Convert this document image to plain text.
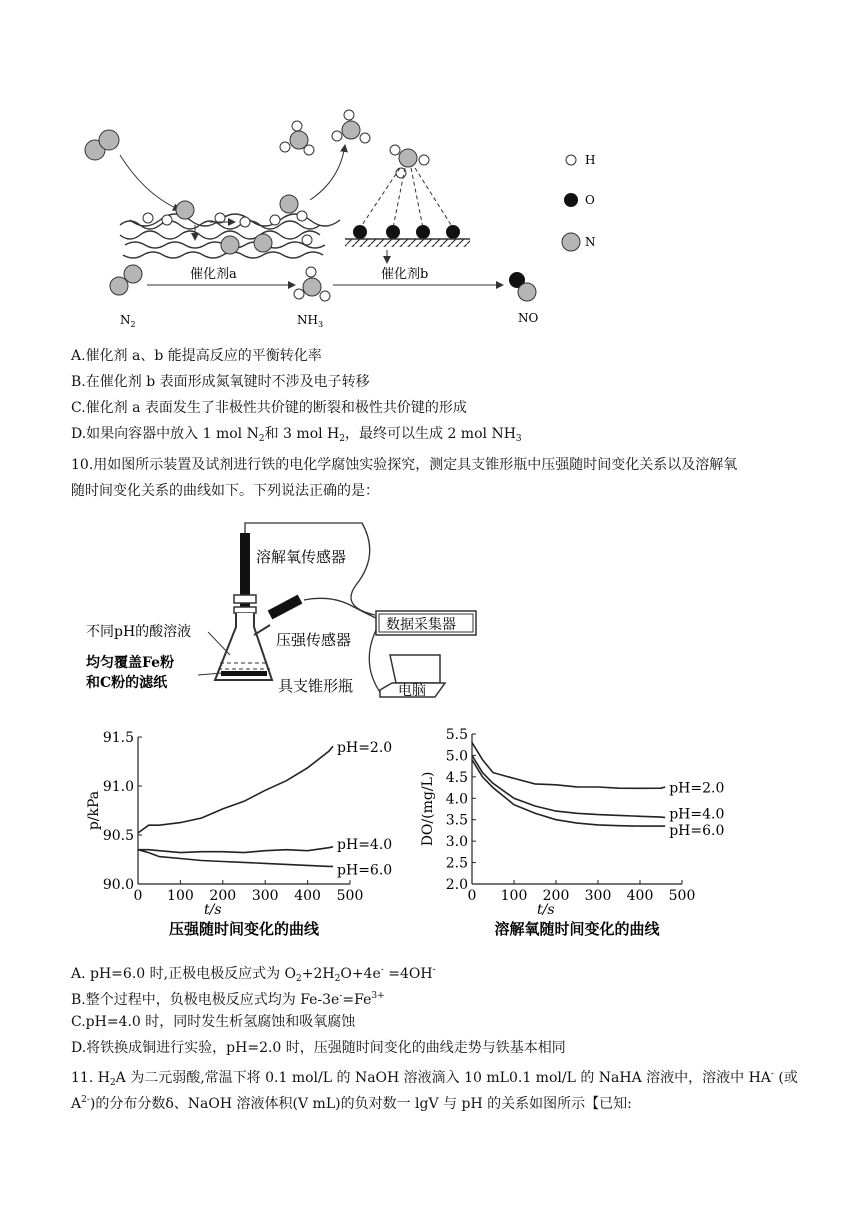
催化剂a	催化剂b
$N_2$	$NH_3$	NO
H
O
N
A.催化剂 a、b 能提高反应的平衡转化率
B.在催化剂 b 表面形成氮氧键时不涉及电子转移
C.催化剂 a 表面发生了非极性共价键的断裂和极性共价键的形成
D.如果向容器中放入 1 mol $N_2$和 3 mol $H_2$，最终可以生成 2 mol $NH_3$
10.用如图所示装置及试剂进行铁的电化学腐蚀实验探究，测定具支锥形瓶中压强随时间变化关系以及溶解氧
随时间变化关系的曲线如下。下列说法正确的是：
溶解氧传感器
压强传感器
数据采集器
电脑
不同pH的酸溶液
均匀覆盖Fe粉
和C粉的滤纸	具支锥形瓶
0 100 200 300 400 500
90.0
90.5
91.0
91.5
t/s
p/kPa
压强随时间变化的曲线
pH=2.0
pH=4.0
pH=6.0
0 100 200 300 400 500
2.0
2.5
3.0
3.5
4.0
4.5
5.0
5.5
t/s
DO/(mg/L)
溶解氧随时间变化的曲线
pH=2.0
pH=4.0
pH=6.0
A. pH=6.0 时,正极电极反应式为 $O_2+2H_2O+4e^- =4OH^-$
B.整个过程中，负极电极反应式均为 $Fe-3e^-=Fe^{3+}$
C.pH=4.0 时，同时发生析氢腐蚀和吸氧腐蚀
D.将铁换成铜进行实验，pH=2.0 时，压强随时间变化的曲线走势与铁基本相同
11. $H_2A$ 为二元弱酸,常温下将 0.1 mol/L 的 NaOH 溶液滴入 10 mL0.1 mol/L 的 NaHA 溶液中，溶液中 HA- (或
$A^{2-}$)的分布分数δ、NaOH 溶液体积(V mL)的负对数一 lgV 与 pH 的关系如图所示【已知:
